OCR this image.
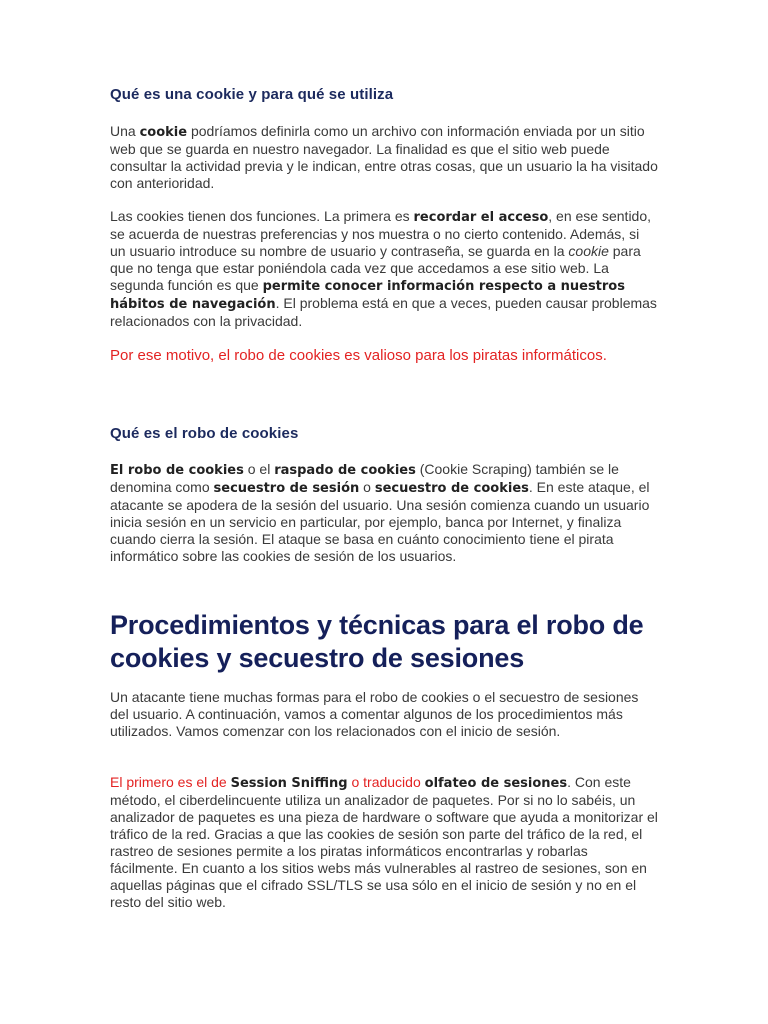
Qué es una cookie y para qué se utiliza

Una cookie podríamos definirla como un archivo con información enviada por un sitio web que se guarda en nuestro navegador. La finalidad es que el sitio web puede consultar la actividad previa y le indican, entre otras cosas, que un usuario la ha visitado con anterioridad.

Las cookies tienen dos funciones. La primera es recordar el acceso, en ese sentido, se acuerda de nuestras preferencias y nos muestra o no cierto contenido. Además, si un usuario introduce su nombre de usuario y contraseña, se guarda en la cookie para que no tenga que estar poniéndola cada vez que accedamos a ese sitio web. La segunda función es que permite conocer información respecto a nuestros hábitos de navegación. El problema está en que a veces, pueden causar problemas relacionados con la privacidad.

Por ese motivo, el robo de cookies es valioso para los piratas informáticos.

Qué es el robo de cookies

El robo de cookies o el raspado de cookies (Cookie Scraping) también se le denomina como secuestro de sesión o secuestro de cookies. En este ataque, el atacante se apodera de la sesión del usuario. Una sesión comienza cuando un usuario inicia sesión en un servicio en particular, por ejemplo, banca por Internet, y finaliza cuando cierra la sesión. El ataque se basa en cuánto conocimiento tiene el pirata informático sobre las cookies de sesión de los usuarios.

Procedimientos y técnicas para el robo de cookies y secuestro de sesiones

Un atacante tiene muchas formas para el robo de cookies o el secuestro de sesiones del usuario. A continuación, vamos a comentar algunos de los procedimientos más utilizados. Vamos comenzar con los relacionados con el inicio de sesión.

El primero es el de Session Sniffing o traducido olfateo de sesiones. Con este método, el ciberdelincuente utiliza un analizador de paquetes. Por si no lo sabéis, un analizador de paquetes es una pieza de hardware o software que ayuda a monitorizar el tráfico de la red. Gracias a que las cookies de sesión son parte del tráfico de la red, el rastreo de sesiones permite a los piratas informáticos encontrarlas y robarlas fácilmente. En cuanto a los sitios webs más vulnerables al rastreo de sesiones, son en aquellas páginas que el cifrado SSL/TLS se usa sólo en el inicio de sesión y no en el resto del sitio web.
